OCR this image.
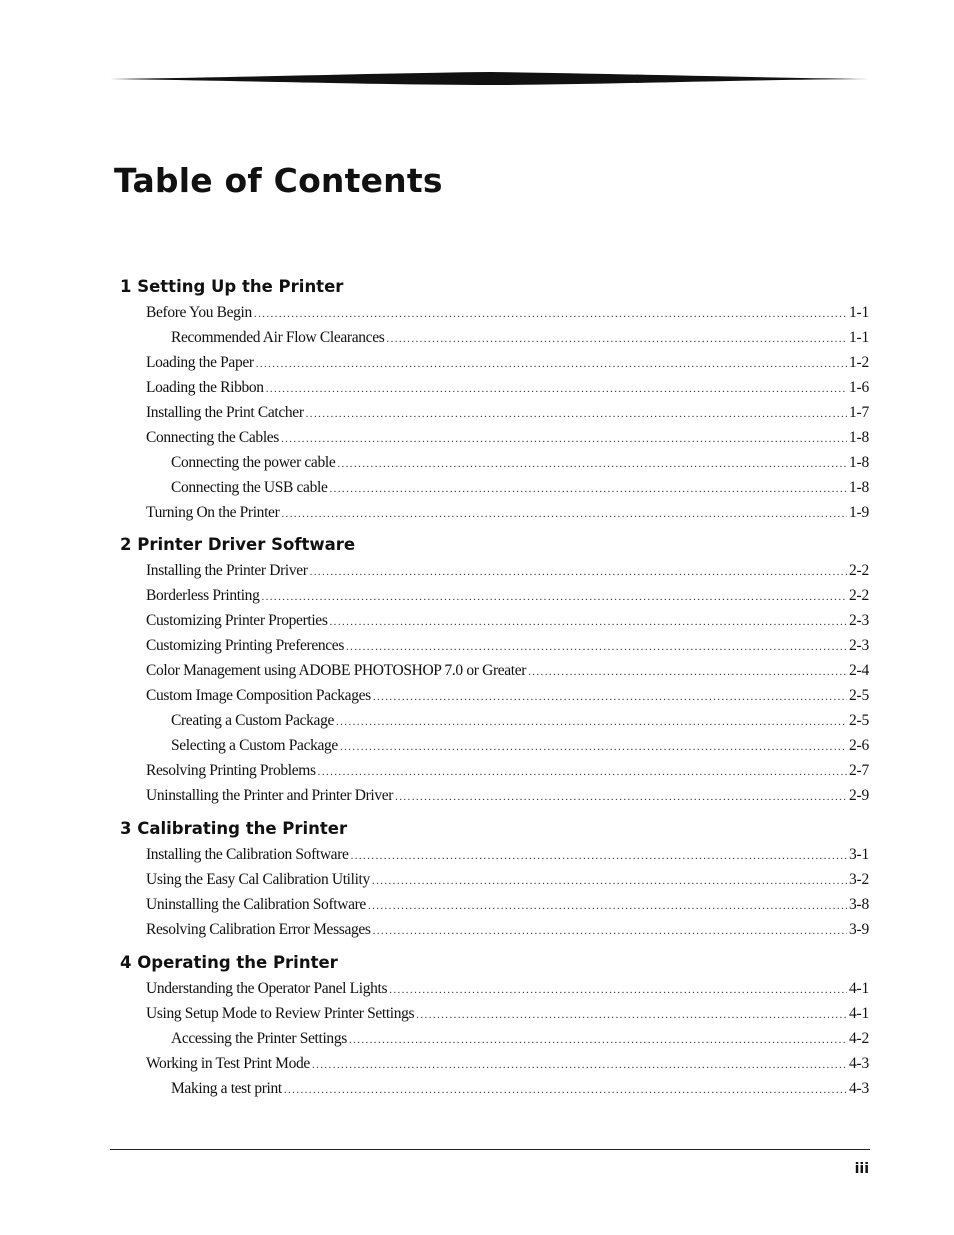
Table of Contents
1 Setting Up the Printer
Before You Begin .....	1-1
Recommended Air Flow Clearances .....	1-1
Loading the Paper .....	1-2
Loading the Ribbon .....	1-6
Installing the Print Catcher .....	1-7
Connecting the Cables .....	1-8
Connecting the power cable .....	1-8
Connecting the USB cable .....	1-8
Turning On the Printer .....	1-9
2 Printer Driver Software
Installing the Printer Driver .....	2-2
Borderless Printing .....	2-2
Customizing Printer Properties .....	2-3
Customizing Printing Preferences .....	2-3
Color Management using ADOBE PHOTOSHOP 7.0 or Greater .....	2-4
Custom Image Composition Packages .....	2-5
Creating a Custom Package .....	2-5
Selecting a Custom Package .....	2-6
Resolving Printing Problems .....	2-7
Uninstalling the Printer and Printer Driver .....	2-9
3 Calibrating the Printer
Installing the Calibration Software .....	3-1
Using the Easy Cal Calibration Utility .....	3-2
Uninstalling the Calibration Software .....	3-8
Resolving Calibration Error Messages .....	3-9
4 Operating the Printer
Understanding the Operator Panel Lights .....	4-1
Using Setup Mode to Review Printer Settings .....	4-1
Accessing the Printer Settings .....	4-2
Working in Test Print Mode .....	4-3
Making a test print .....	4-3
iii
